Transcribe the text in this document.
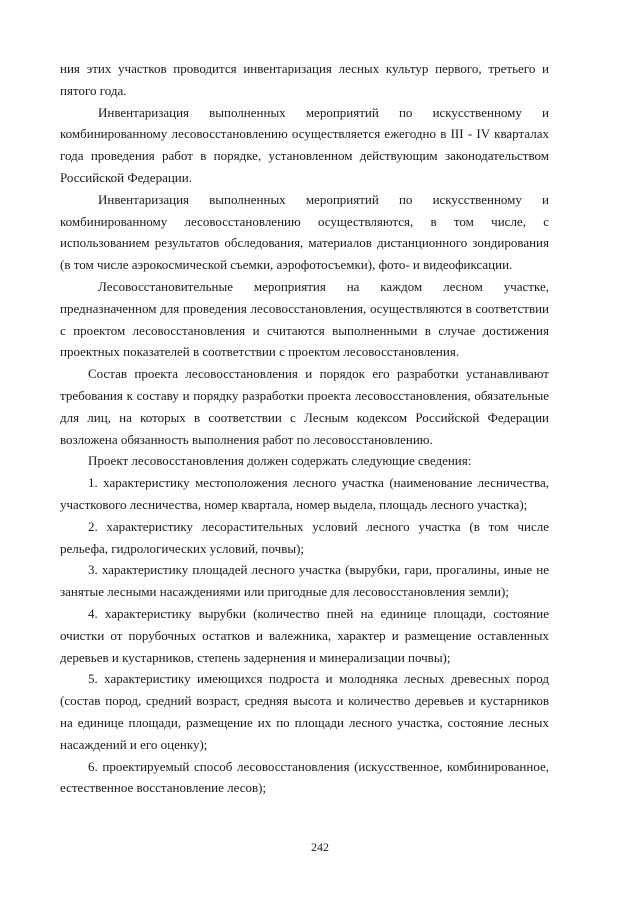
ния этих участков проводится инвентаризация лесных культур первого, третьего и пятого года.

Инвентаризация выполненных мероприятий по искусственному и комбинированному лесовосстановлению осуществляется ежегодно в III - IV кварталах года проведения работ в порядке, установленном действующим законодательством Российской Федерации.

Инвентаризация выполненных мероприятий по искусственному и комбинированному лесовосстановлению осуществляются, в том числе, с использованием результатов обследования, материалов дистанционного зондирования (в том числе аэрокосмической съемки, аэрофотосъемки), фото- и видеофиксации.

Лесовосстановительные мероприятия на каждом лесном участке, предназначенном для проведения лесовосстановления, осуществляются в соответствии с проектом лесовосстановления и считаются выполненными в случае достижения проектных показателей в соответствии с проектом лесовосстановления.

Состав проекта лесовосстановления и порядок его разработки устанавливают требования к составу и порядку разработки проекта лесовосстановления, обязательные для лиц, на которых в соответствии с Лесным кодексом Российской Федерации возложена обязанность выполнения работ по лесовосстановлению.

Проект лесовосстановления должен содержать следующие сведения:

1. характеристику местоположения лесного участка (наименование лесничества, участкового лесничества, номер квартала, номер выдела, площадь лесного участка);

2. характеристику лесорастительных условий лесного участка (в том числе рельефа, гидрологических условий, почвы);

3. характеристику площадей лесного участка (вырубки, гари, прогалины, иные не занятые лесными насаждениями или пригодные для лесовосстановления земли);

4. характеристику вырубки (количество пней на единице площади, состояние очистки от порубочных остатков и валежника, характер и размещение оставленных деревьев и кустарников, степень задернения и минерализации почвы);

5. характеристику имеющихся подроста и молодняка лесных древесных пород (состав пород, средний возраст, средняя высота и количество деревьев и кустарников на единице площади, размещение их по площади лесного участка, состояние лесных насаждений и его оценку);

6. проектируемый способ лесовосстановления (искусственное, комбинированное, естественное восстановление лесов);

242
